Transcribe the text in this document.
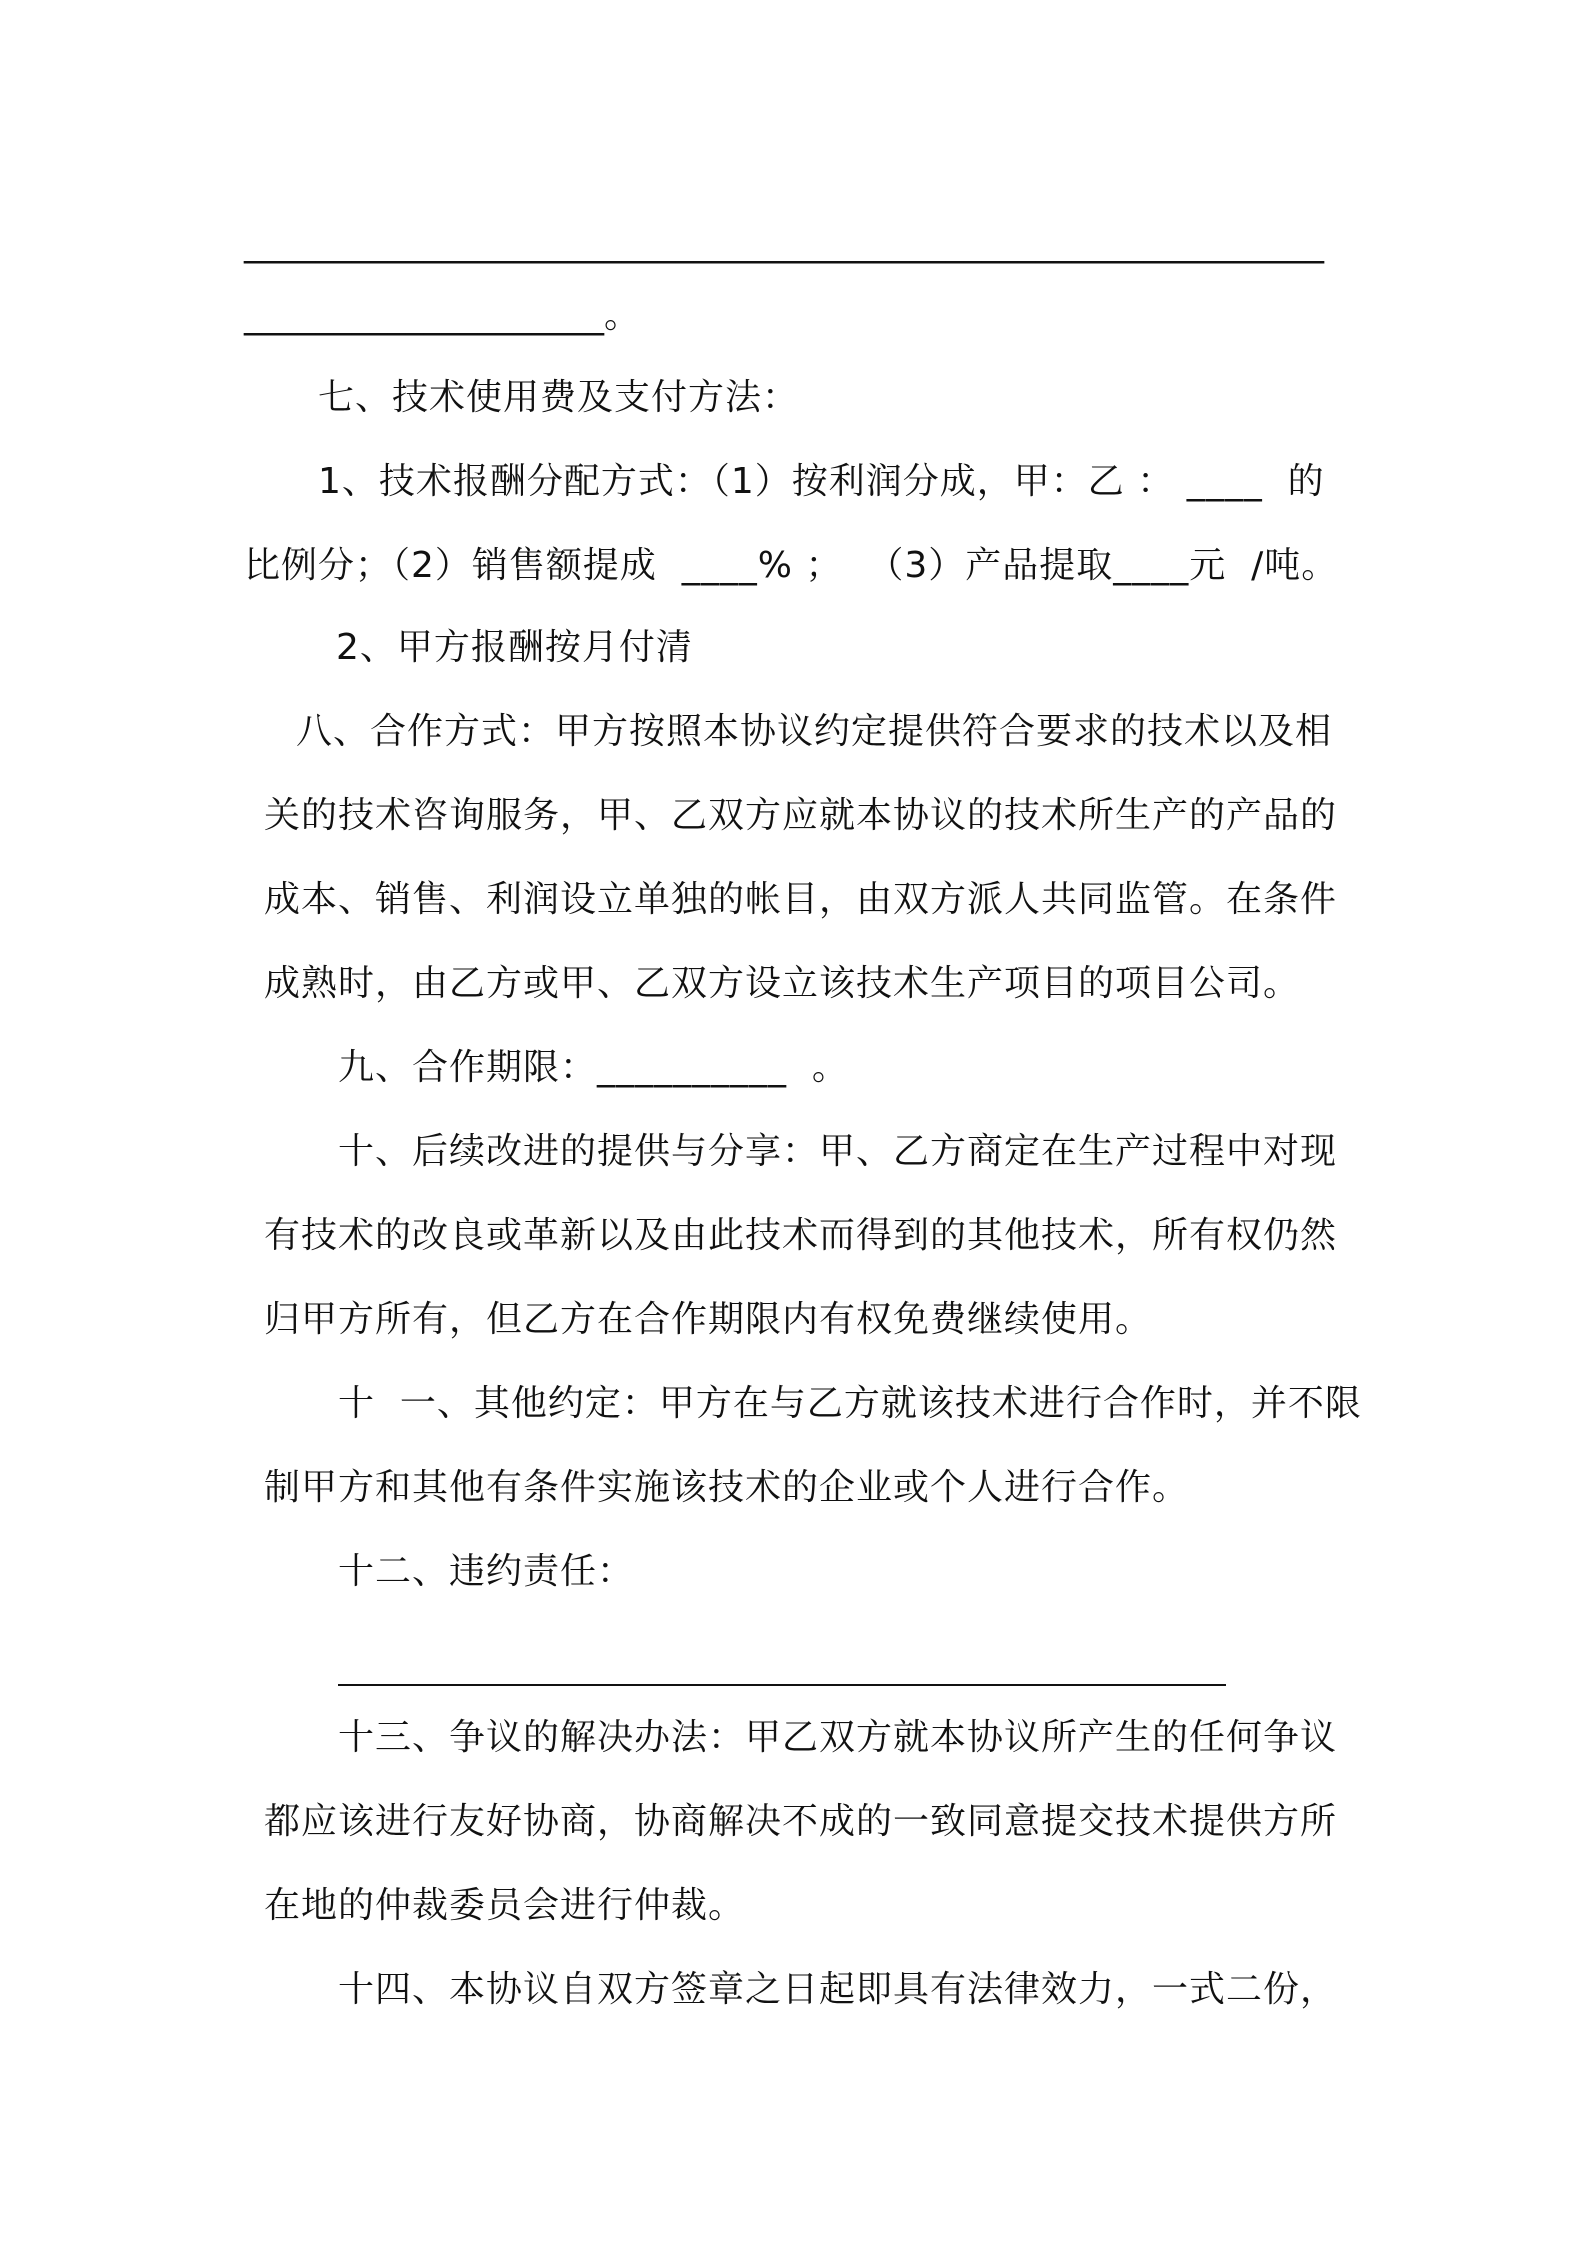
____________________________________________________________
____________________。
七、技术使用费及支付方法：
1、技术报酬分配方式：（1）按利润分成，甲：乙 ： ____  的
比例分；（2）销售额提成  ____% ；  （3）产品提取____元  /吨。
2、甲方报酬按月付清
八、合作方式：甲方按照本协议约定提供符合要求的技术以及相
关的技术咨询服务，甲、乙双方应就本协议的技术所生产的产品的
成本、销售、利润设立单独的帐目，由双方派人共同监管。在条件
成熟时，由乙方或甲、乙双方设立该技术生产项目的项目公司。
九、合作期限：__________  。
十、后续改进的提供与分享：甲、乙方商定在生产过程中对现
有技术的改良或革新以及由此技术而得到的其他技术，所有权仍然
归甲方所有，但乙方在合作期限内有权免费继续使用。
十  一、其他约定：甲方在与乙方就该技术进行合作时，并不限
制甲方和其他有条件实施该技术的企业或个人进行合作。
十二、违约责任：
十三、争议的解决办法：甲乙双方就本协议所产生的任何争议
都应该进行友好协商，协商解决不成的一致同意提交技术提供方所
在地的仲裁委员会进行仲裁。
十四、本协议自双方签章之日起即具有法律效力，一式二份，
